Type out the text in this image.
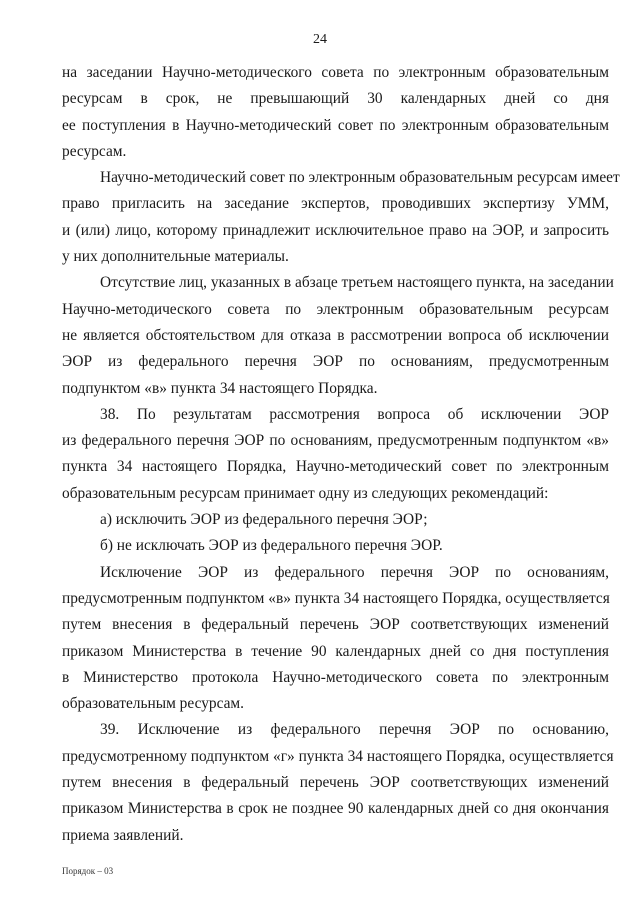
24
на заседании Научно-методического совета по электронным образовательным
ресурсам в срок, не превышающий 30 календарных дней со дня
ее поступления в Научно-методический совет по электронным образовательным
ресурсам.
Научно-методический совет по электронным образовательным ресурсам имеет
право пригласить на заседание экспертов, проводивших экспертизу УММ,
и (или) лицо, которому принадлежит исключительное право на ЭОР, и запросить
у них дополнительные материалы.
Отсутствие лиц, указанных в абзаце третьем настоящего пункта, на заседании
Научно-методического совета по электронным образовательным ресурсам
не является обстоятельством для отказа в рассмотрении вопроса об исключении
ЭОР из федерального перечня ЭОР по основаниям, предусмотренным
подпунктом «в» пункта 34 настоящего Порядка.
38. По результатам рассмотрения вопроса об исключении ЭОР
из федерального перечня ЭОР по основаниям, предусмотренным подпунктом «в»
пункта 34 настоящего Порядка, Научно-методический совет по электронным
образовательным ресурсам принимает одну из следующих рекомендаций:
а) исключить ЭОР из федерального перечня ЭОР;
б) не исключать ЭОР из федерального перечня ЭОР.
Исключение ЭОР из федерального перечня ЭОР по основаниям,
предусмотренным подпунктом «в» пункта 34 настоящего Порядка, осуществляется
путем внесения в федеральный перечень ЭОР соответствующих изменений
приказом Министерства в течение 90 календарных дней со дня поступления
в Министерство протокола Научно-методического совета по электронным
образовательным ресурсам.
39. Исключение из федерального перечня ЭОР по основанию,
предусмотренному подпунктом «г» пункта 34 настоящего Порядка, осуществляется
путем внесения в федеральный перечень ЭОР соответствующих изменений
приказом Министерства в срок не позднее 90 календарных дней со дня окончания
приема заявлений.
Порядок – 03
